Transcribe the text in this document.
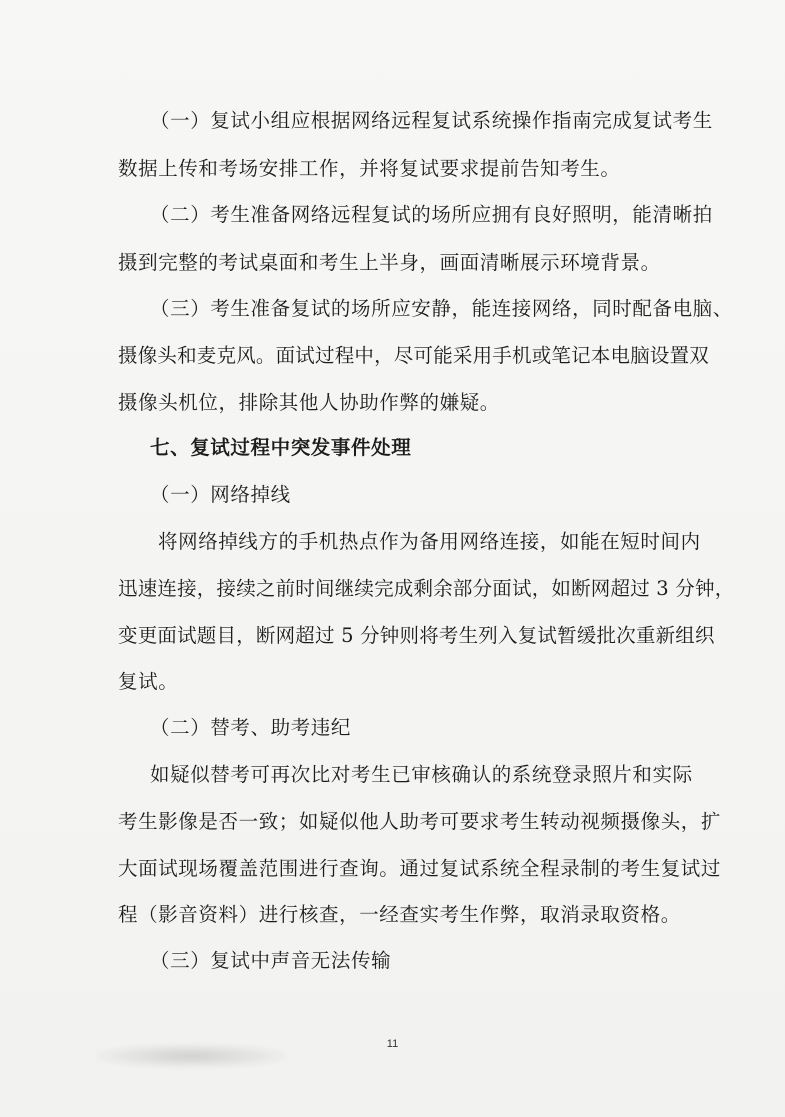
（一）复试小组应根据网络远程复试系统操作指南完成复试考生
数据上传和考场安排工作，并将复试要求提前告知考生。
（二）考生准备网络远程复试的场所应拥有良好照明，能清晰拍
摄到完整的考试桌面和考生上半身，画面清晰展示环境背景。
（三）考生准备复试的场所应安静，能连接网络，同时配备电脑、
摄像头和麦克风。面试过程中，尽可能采用手机或笔记本电脑设置双
摄像头机位，排除其他人协助作弊的嫌疑。
七、复试过程中突发事件处理
（一）网络掉线
将网络掉线方的手机热点作为备用网络连接，如能在短时间内
迅速连接，接续之前时间继续完成剩余部分面试，如断网超过 3 分钟，
变更面试题目，断网超过 5 分钟则将考生列入复试暂缓批次重新组织
复试。
（二）替考、助考违纪
如疑似替考可再次比对考生已审核确认的系统登录照片和实际
考生影像是否一致；如疑似他人助考可要求考生转动视频摄像头，扩
大面试现场覆盖范围进行查询。通过复试系统全程录制的考生复试过
程（影音资料）进行核查，一经查实考生作弊，取消录取资格。
（三）复试中声音无法传输
11
